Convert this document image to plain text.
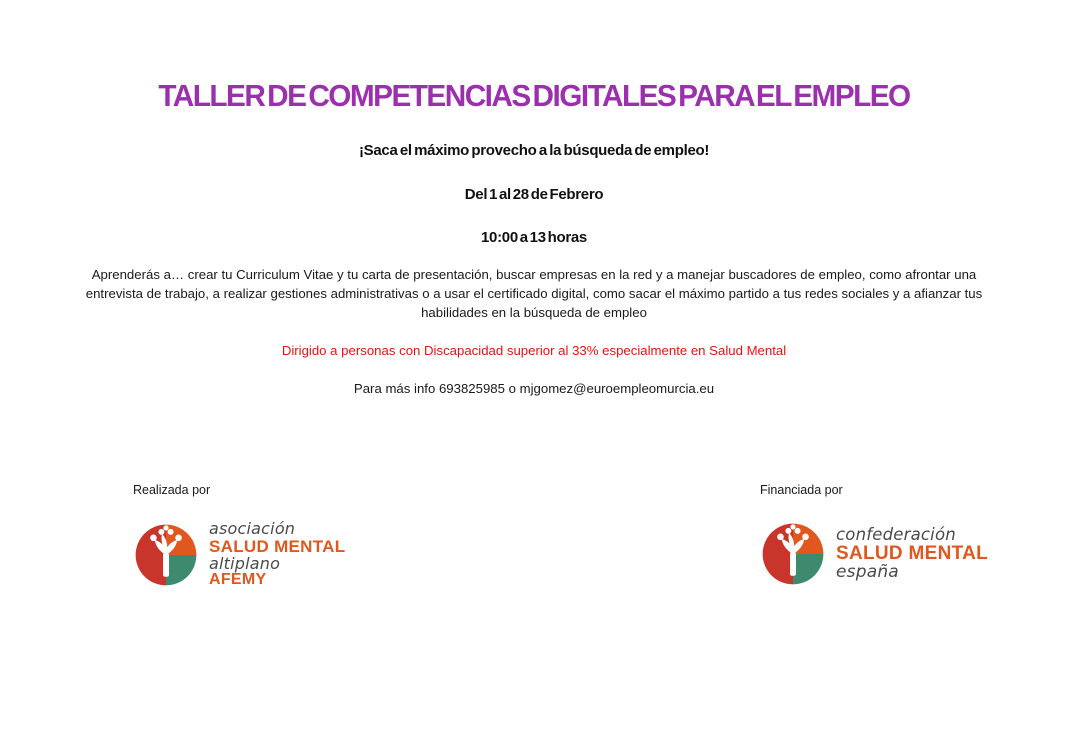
TALLER DE COMPETENCIAS DIGITALES PARA EL EMPLEO
¡Saca el máximo provecho a la búsqueda de empleo!
Del 1 al 28 de Febrero
10:00 a 13 horas
Aprenderás a… crear tu Curriculum Vitae y tu carta de presentación, buscar empresas en la red y a manejar buscadores de empleo, como afrontar una entrevista de trabajo, a realizar gestiones administrativas o a usar el certificado digital, como sacar el máximo partido a tus redes sociales y a afianzar tus habilidades en la búsqueda de empleo
Dirigido a personas con Discapacidad superior al 33% especialmente en Salud Mental
Para más info 693825985 o mjgomez@euroempleomurcia.eu
Realizada por
asociación
SALUD MENTAL
altiplano
AFEMY
Financiada por
confederación
SALUD MENTAL
españa
